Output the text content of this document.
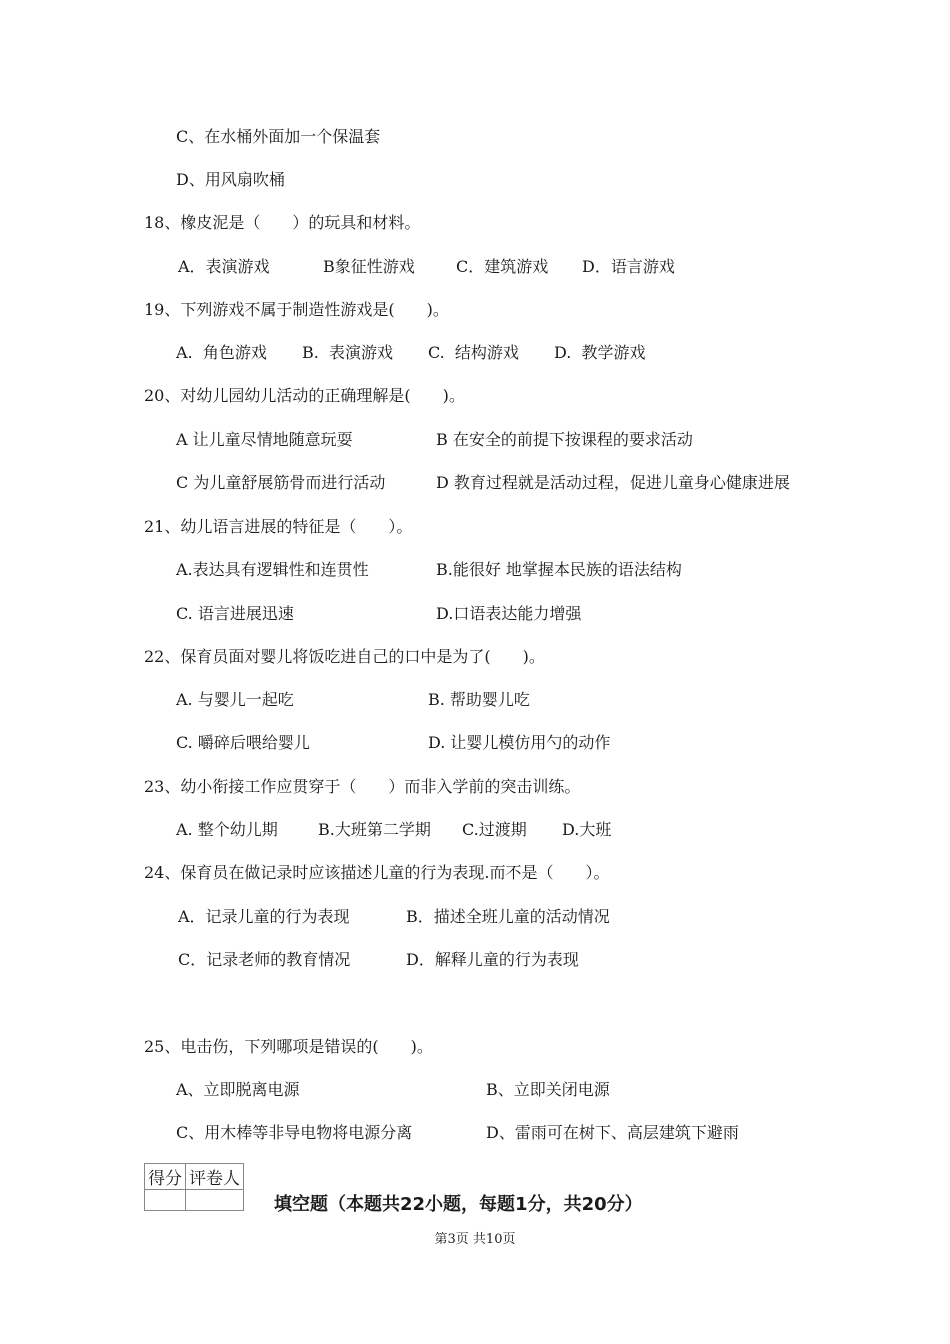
C、在水桶外面加一个保温套
D、用风扇吹桶
18、橡皮泥是（　　）的玩具和材料。
A．表演游戏	B象征性游戏	C．建筑游戏 D．语言游戏
19、下列游戏不属于制造性游戏是(　　)。
A.  角色游戏 B.  表演游戏 C.  结构游戏 D.  教学游戏
20、对幼儿园幼儿活动的正确理解是(　　)。
A 让儿童尽情地随意玩耍	B 在安全的前提下按课程的要求活动
C 为儿童舒展筋骨而进行活动	D 教育过程就是活动过程，促进儿童身心健康进展
21、幼儿语言进展的特征是（　　）。
A.表达具有逻辑性和连贯性	B.能很好 地掌握本民族的语法结构
C. 语言进展迅速	D.口语表达能力增强
22、保育员面对婴儿将饭吃进自己的口中是为了(　　)。
A. 与婴儿一起吃	B. 帮助婴儿吃
C. 嚼碎后喂给婴儿	D. 让婴儿模仿用勺的动作
23、幼小衔接工作应贯穿于（　　）而非入学前的突击训练。
A. 整个幼儿期	B.大班第二学期 C.过渡期 D.大班
24、保育员在做记录时应该描述儿童的行为表现.而不是（　　）。
A．记录儿童的行为表现	B．描述全班儿童的活动情况
C．记录老师的教育情况	D．解释儿童的行为表现
25、电击伤，下列哪项是错误的(　　)。
A、立即脱离电源	B、立即关闭电源
C、用木棒等非导电物将电源分离	D、雷雨可在树下、高层建筑下避雨
得分	评卷人

填空题（本题共22小题，每题1分，共20分）
第3页 共10页
